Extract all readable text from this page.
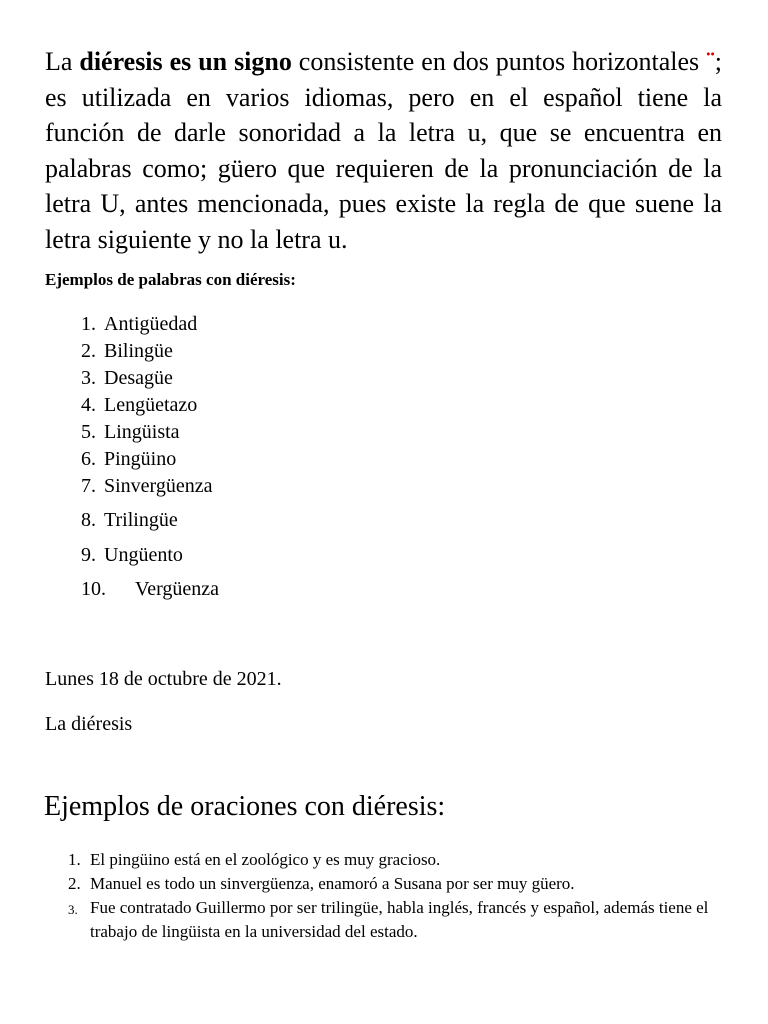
La diéresis es un signo consistente en dos puntos horizontales ¨; es utilizada en varios idiomas, pero en el español tiene la función de darle sonoridad a la letra u, que se encuentra en palabras como; güero que requieren de la pronunciación de la letra U, antes mencionada, pues existe la regla de que suene la letra siguiente y no la letra u.

Ejemplos de palabras con diéresis:

1. Antigüedad
2. Bilingüe
3. Desagüe
4. Lengüetazo
5. Lingüista
6. Pingüino
7. Sinvergüenza
8. Trilingüe
9. Ungüento
10. Vergüenza

Lunes 18 de octubre de 2021.

La diéresis

Ejemplos de oraciones con diéresis:
1. El pingüino está en el zoológico y es muy gracioso.
2. Manuel es todo un sinvergüenza, enamoró a Susana por ser muy güero.
3. Fue contratado Guillermo por ser trilingüe, habla inglés, francés y español, además tiene el trabajo de lingüista en la universidad del estado.
